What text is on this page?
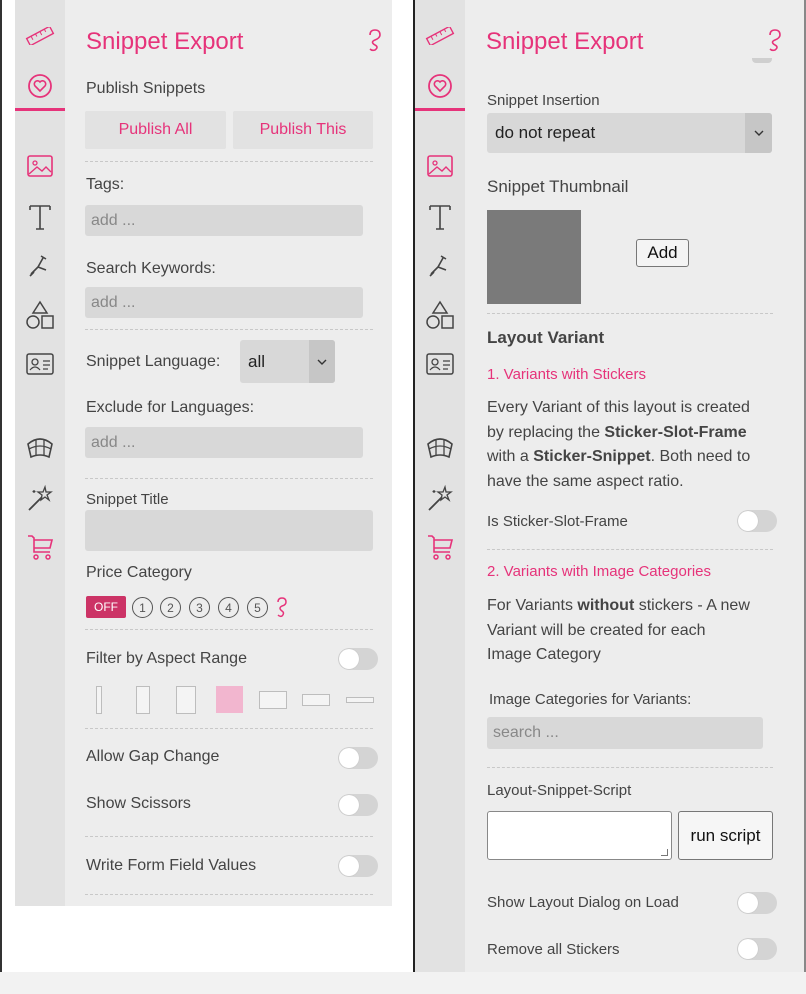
Snippet Export
Publish Snippets
Publish All	Publish This
Tags:
add ...
Search Keywords:
add ...
Snippet Language: all
Exclude for Languages:
add ...
Snippet Title
Price Category
OFF	1	2	3	4	5
Filter by Aspect Range
Allow Gap Change
Show Scissors
Write Form Field Values
Snippet Export
Snippet Insertion
do not repeat
Snippet Thumbnail
Add
Layout Variant
1. Variants with Stickers
Every Variant of this layout is created
by replacing the Sticker-Slot-Frame
with a Sticker-Snippet. Both need to
have the same aspect ratio.
Is Sticker-Slot-Frame
2. Variants with Image Categories
For Variants without stickers - A new
Variant will be created for each
Image Category
Image Categories for Variants:
search ...
Layout-Snippet-Script
run script
Show Layout Dialog on Load
Remove all Stickers
